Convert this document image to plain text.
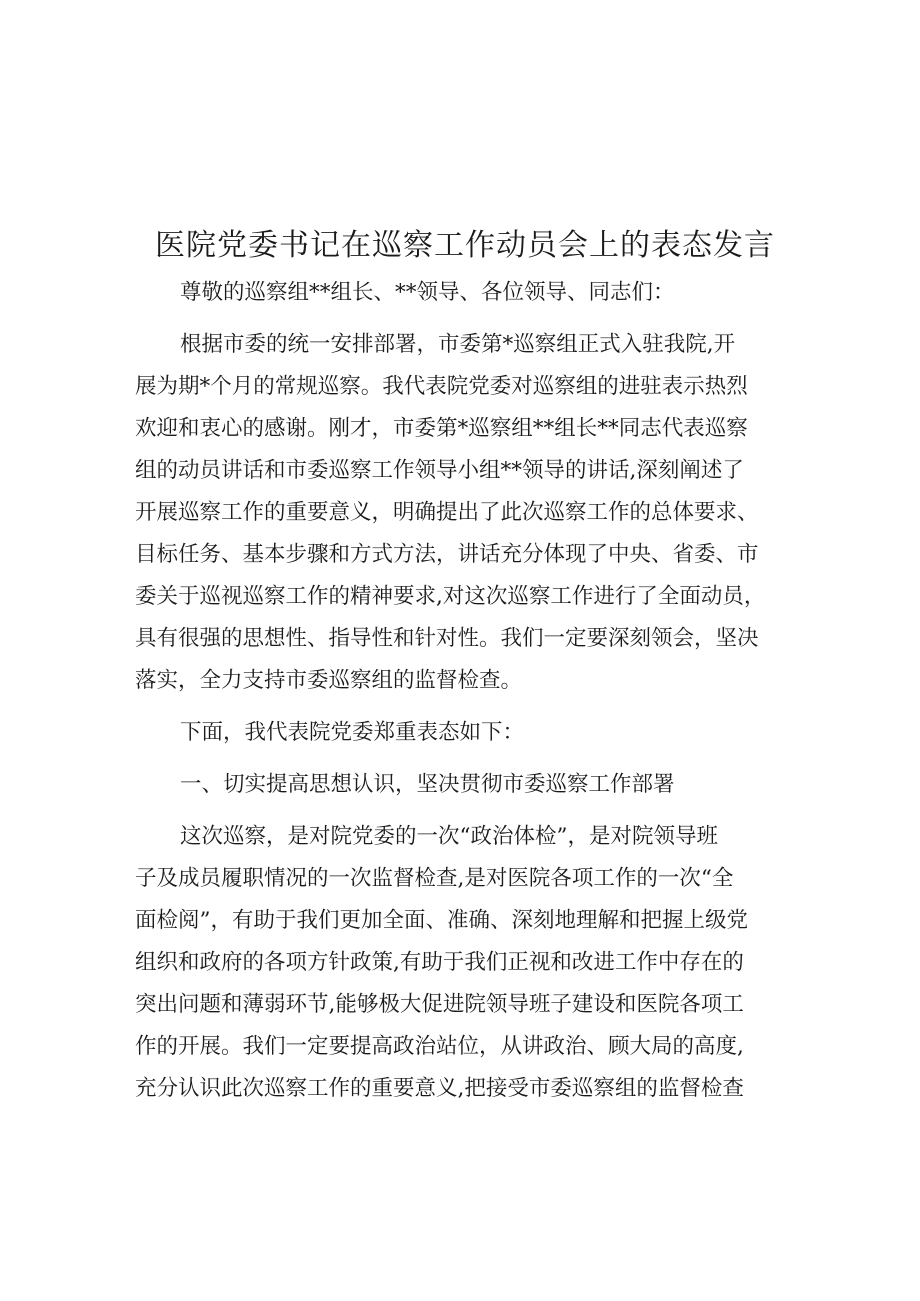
医院党委书记在巡察工作动员会上的表态发言
尊敬的巡察组**组长、**领导、各位领导、同志们：
根据市委的统一安排部署，市委第*巡察组正式入驻我院,开
展为期*个月的常规巡察。我代表院党委对巡察组的进驻表示热烈
欢迎和衷心的感谢。刚才，市委第*巡察组**组长**同志代表巡察
组的动员讲话和市委巡察工作领导小组**领导的讲话,深刻阐述了
开展巡察工作的重要意义，明确提出了此次巡察工作的总体要求、
目标任务、基本步骤和方式方法，讲话充分体现了中央、省委、市
委关于巡视巡察工作的精神要求,对这次巡察工作进行了全面动员，
具有很强的思想性、指导性和针对性。我们一定要深刻领会，坚决
落实，全力支持市委巡察组的监督检查。
下面，我代表院党委郑重表态如下：
一、切实提高思想认识，坚决贯彻市委巡察工作部署
这次巡察，是对院党委的一次“政治体检”，是对院领导班
子及成员履职情况的一次监督检查,是对医院各项工作的一次“全
面检阅”，有助于我们更加全面、准确、深刻地理解和把握上级党
组织和政府的各项方针政策,有助于我们正视和改进工作中存在的
突出问题和薄弱环节,能够极大促进院领导班子建设和医院各项工
作的开展。我们一定要提高政治站位，从讲政治、顾大局的高度,
充分认识此次巡察工作的重要意义,把接受市委巡察组的监督检查
